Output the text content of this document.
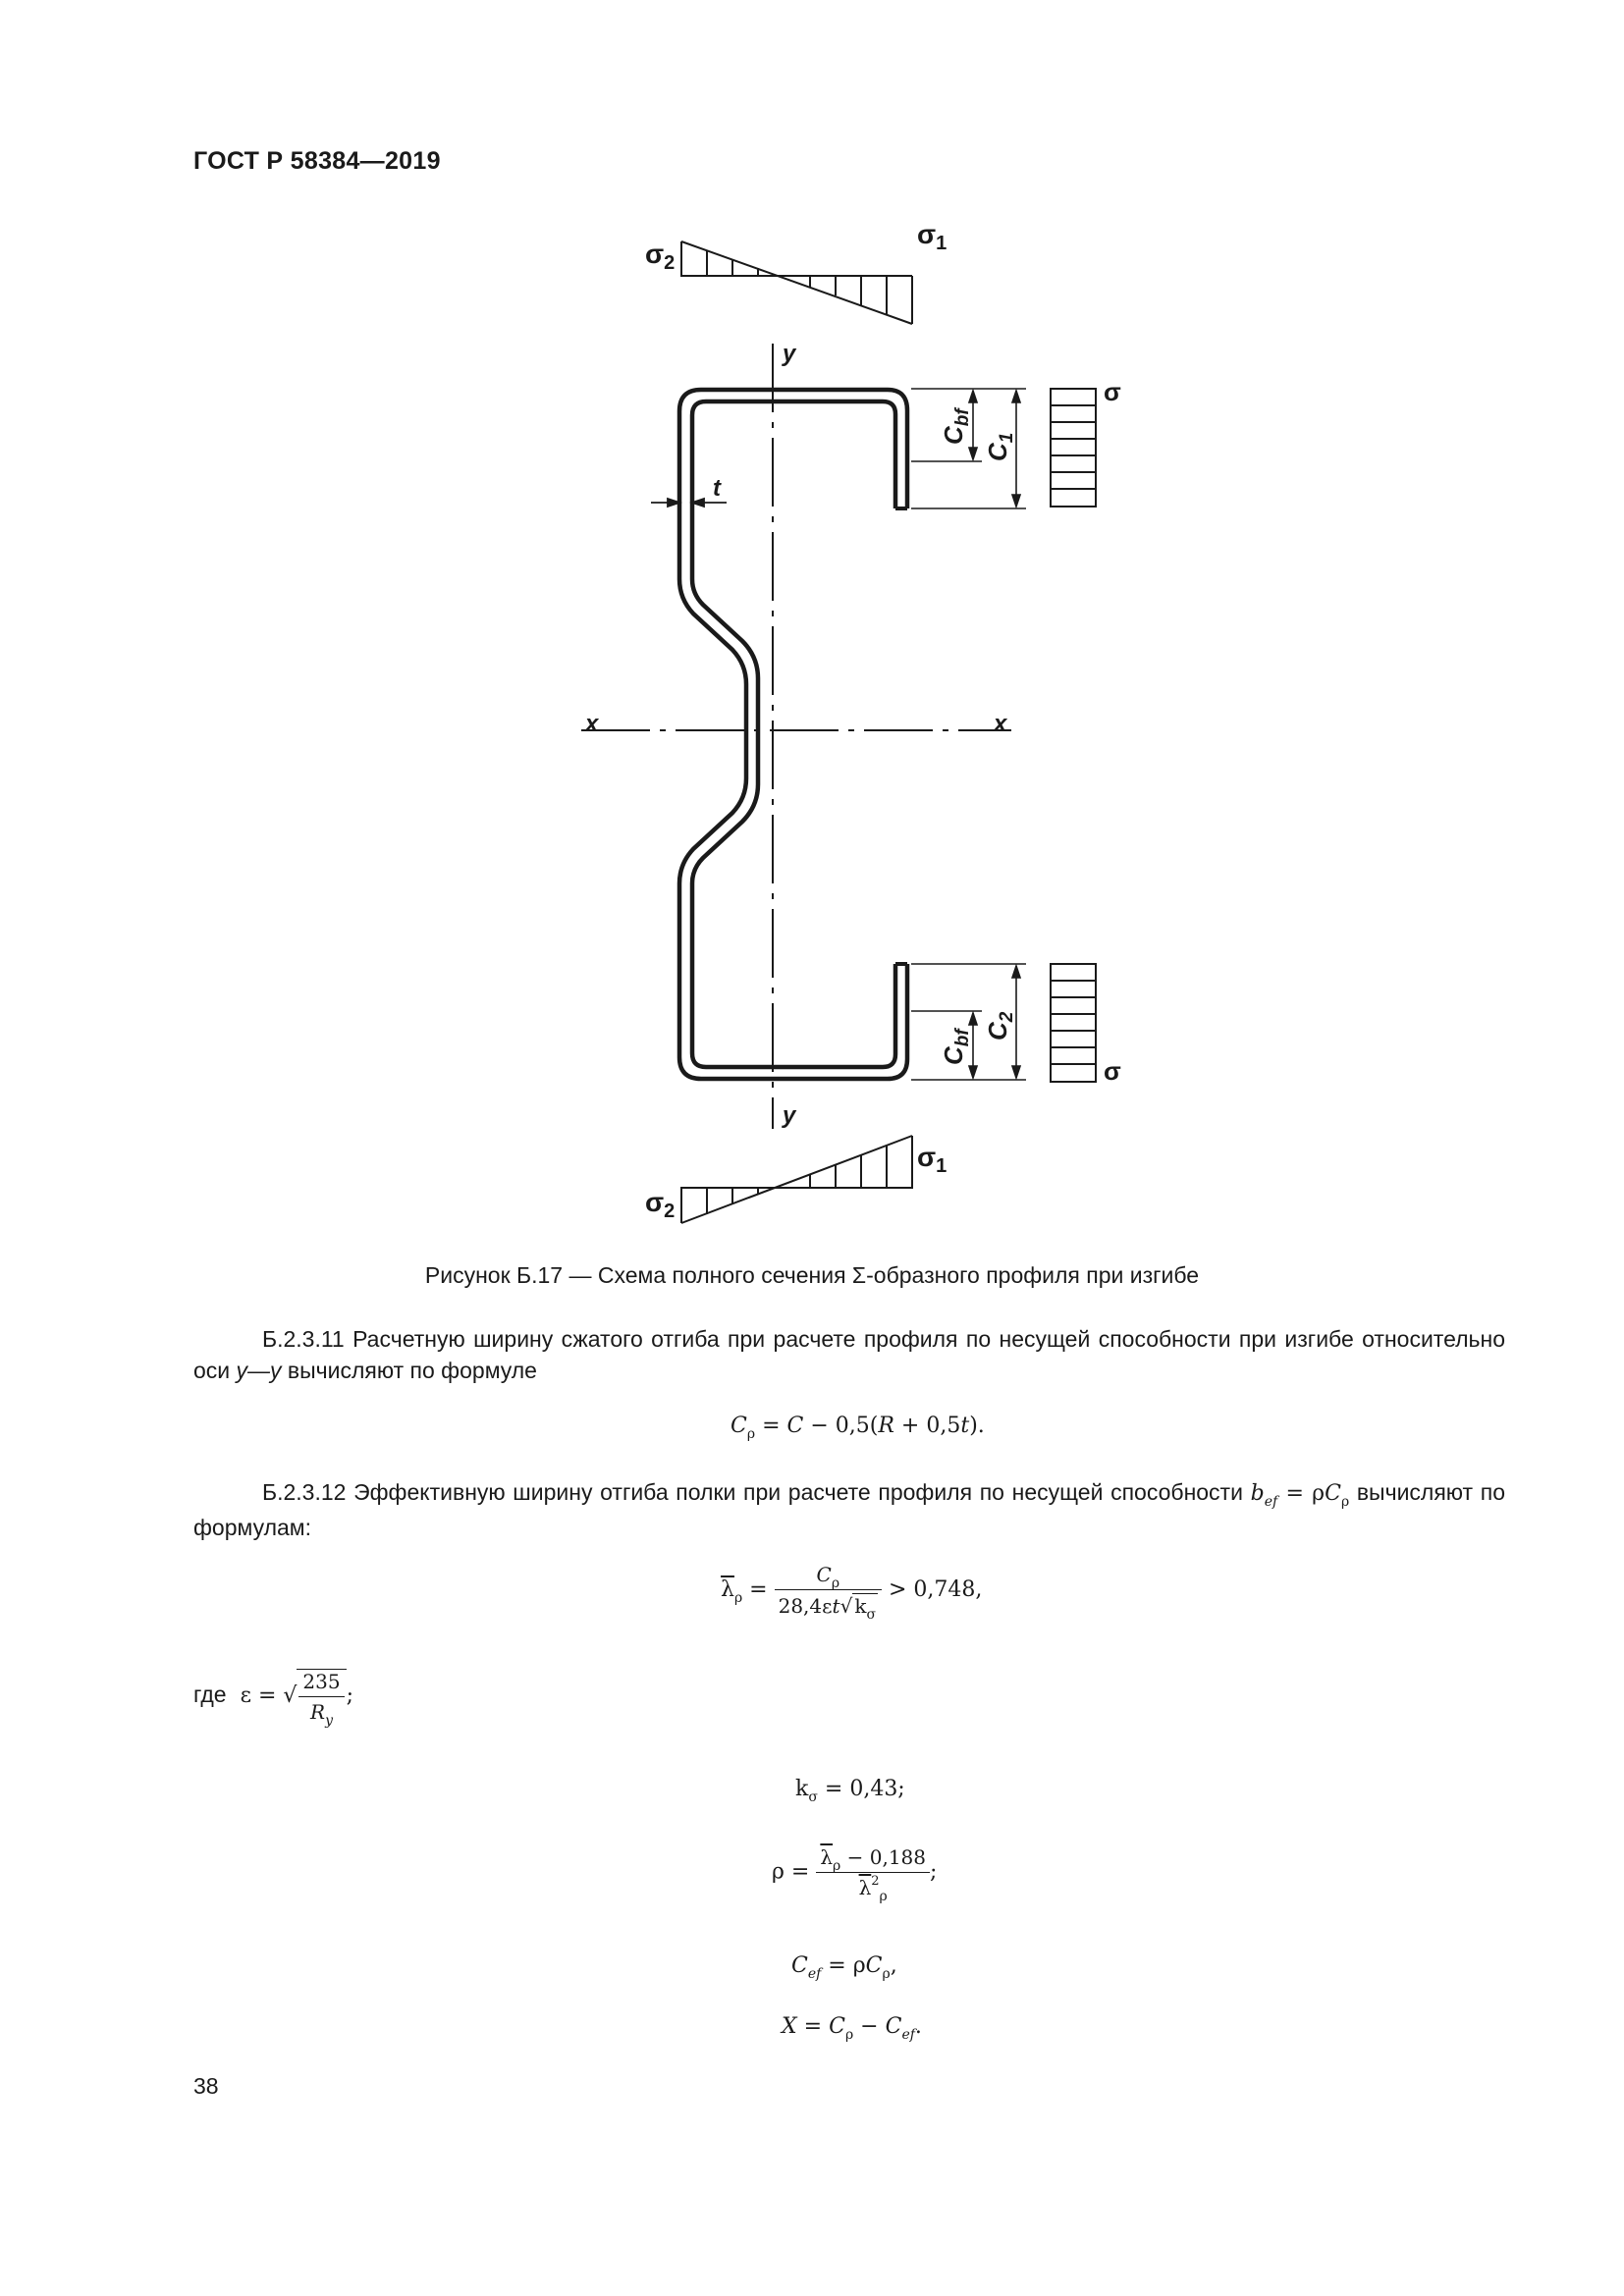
ГОСТ Р 58384—2019
$\sigma_2$
$\sigma_1$
$\sigma_2$
$\sigma_1$
σ
σ
y
y
x	x
t
$C_{bf}$
$C_1$
$C_{bf}$ $C_2$
Рисунок Б.17 — Схема полного сечения Σ-образного профиля при изгибе
Б.2.3.11 Расчетную ширину сжатого отгиба при расчете профиля по несущей способности при изгибе относительно оси y—y вычисляют по формуле
$C_\rho = C - 0,5(R + 0,5t)$.
Б.2.3.12 Эффективную ширину отгиба полки при расчете профиля по несущей способности $b_{ef} = \rho C_\rho$ вычисляют по формулам:
$\overline{\lambda}_\rho = \frac{C_\rho}{28,4\varepsilon t√ k_\sigma} > 0,748$,
где  ε = √ $\frac{235}{R_y}$ ;
$k_\sigma = 0,43$;
$\rho = \frac{\overline{\lambda}_\rho - 0,188}{\overline{\lambda}^2_\rho}$ ;
$C_{ef} = \rho C_\rho$,
$X = C_\rho - C_{ef}$.
38
